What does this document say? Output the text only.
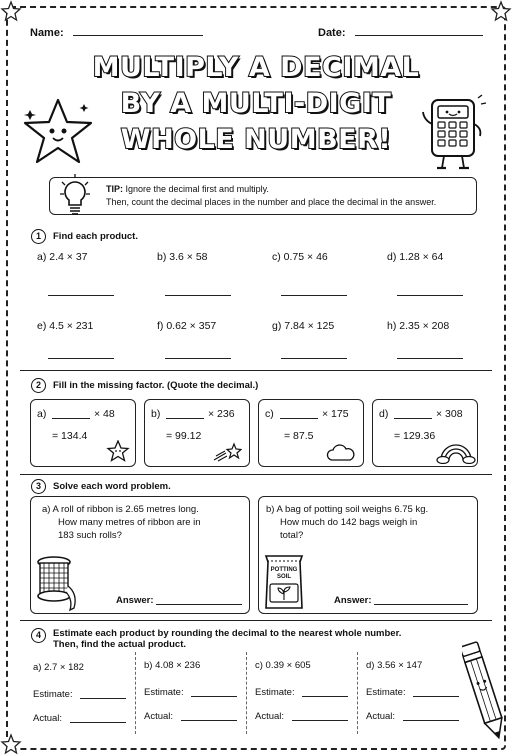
Name:	Date:
MULTIPLY A DECIMAL
BY A MULTI-DIGIT
WHOLE NUMBER!
TIP: Ignore the decimal first and multiply.
Then, count the decimal places in the number and place the decimal in the answer.
1	Find each product.
a) 2.4 × 37	b) 3.6 × 58	c) 0.75 × 46	d) 1.28 × 64
e) 4.5 × 231	f) 0.62 × 357	g) 7.84 × 125	h) 2.35 × 208
2	Fill in the missing factor. (Quote the decimal.)
a)	× 48
= 134.4
b)	× 236
= 99.12
c)	× 175
= 87.5
d)	× 308
= 129.36
3	Solve each word problem.
a) A roll of ribbon is 2.65 metres long.
How many metres of ribbon are in
183 such rolls?
b) A bag of potting soil weighs 6.75 kg.
How much do 142 bags weigh in
total?
Answer:
POTTING
SOIL
Answer:
4	Estimate each product by rounding the decimal to the nearest whole number.
Then, find the actual product.
a) 2.7 × 182	b) 4.08 × 236	c) 0.39 × 605	d) 3.56 × 147
Estimate:	Estimate:	Estimate:	Estimate:
Actual:	Actual:	Actual:	Actual:
